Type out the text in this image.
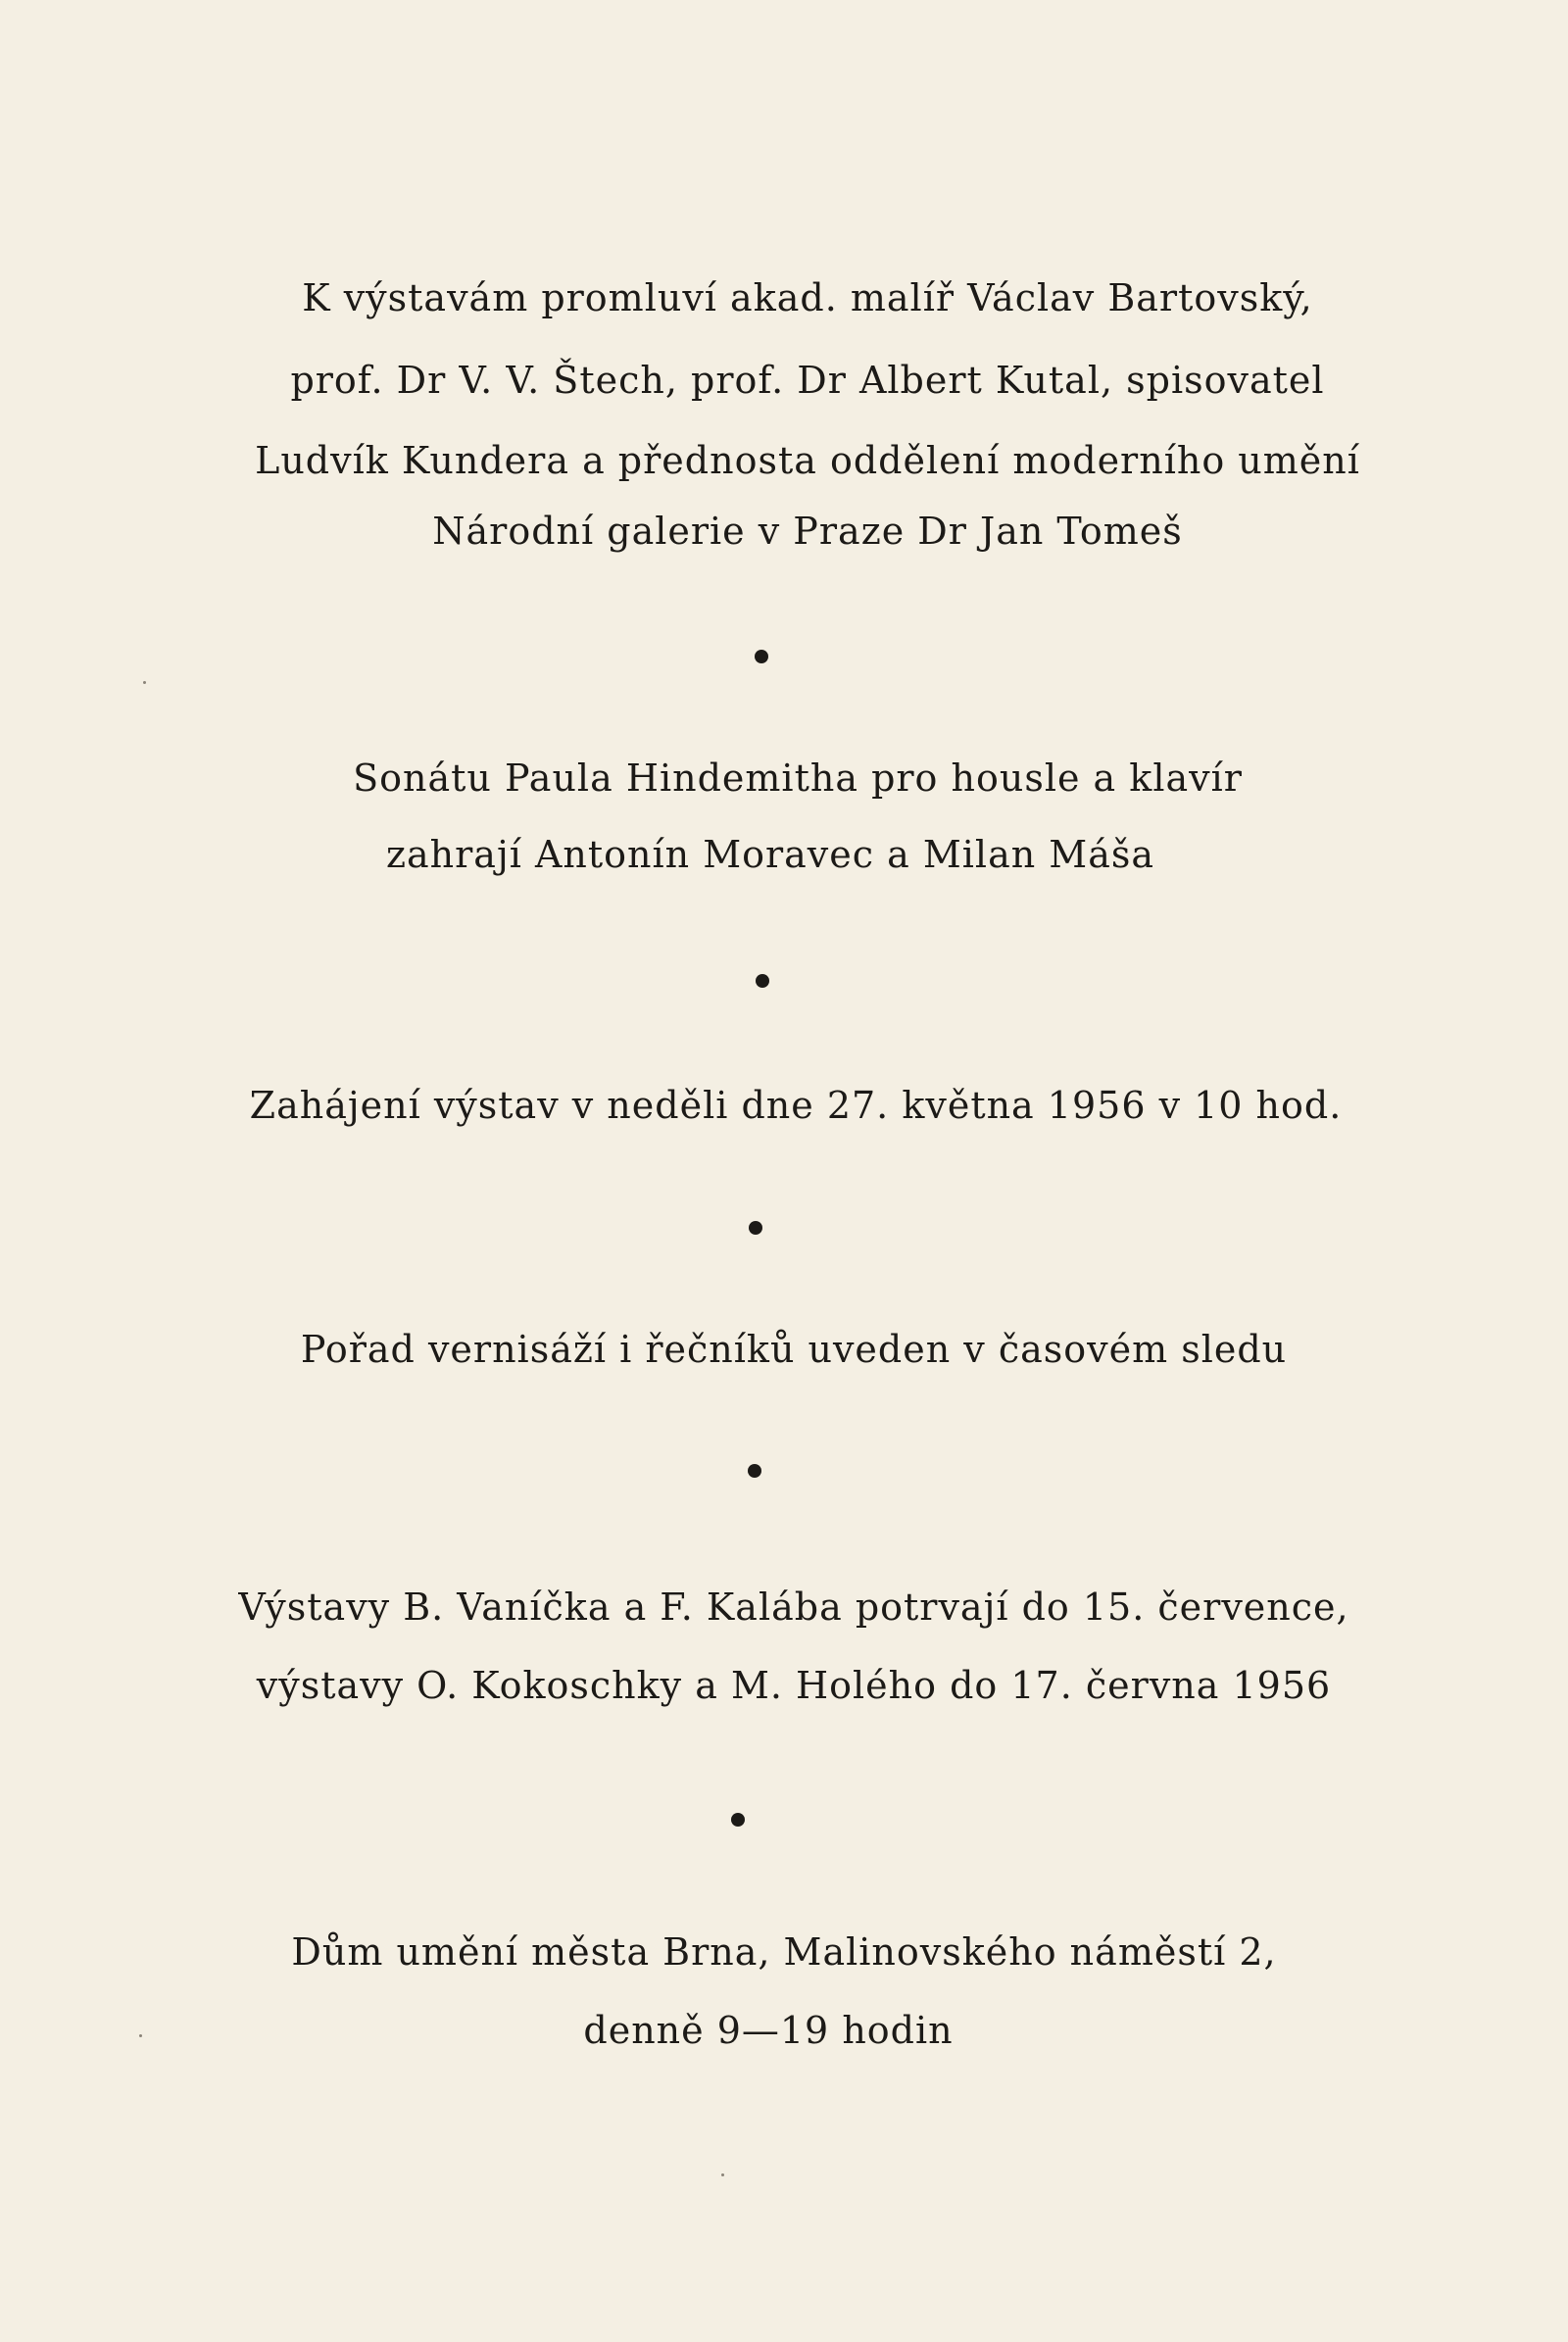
K výstavám promluví akad. malíř Václav Bartovský,
prof. Dr V. V. Štech, prof. Dr Albert Kutal, spisovatel
Ludvík Kundera a přednosta oddělení moderního umění
Národní galerie v Praze Dr Jan Tomeš
Sonátu Paula Hindemitha pro housle a klavír
zahrají Antonín Moravec a Milan Máša
Zahájení výstav v neděli dne 27. května 1956 v 10 hod.
Pořad vernisáží i řečníků uveden v časovém sledu
Výstavy B. Vaníčka a F. Kalába potrvají do 15. července,
výstavy O. Kokoschky a M. Holého do 17. června 1956
Dům umění města Brna, Malinovského náměstí 2,
denně 9—19 hodin
